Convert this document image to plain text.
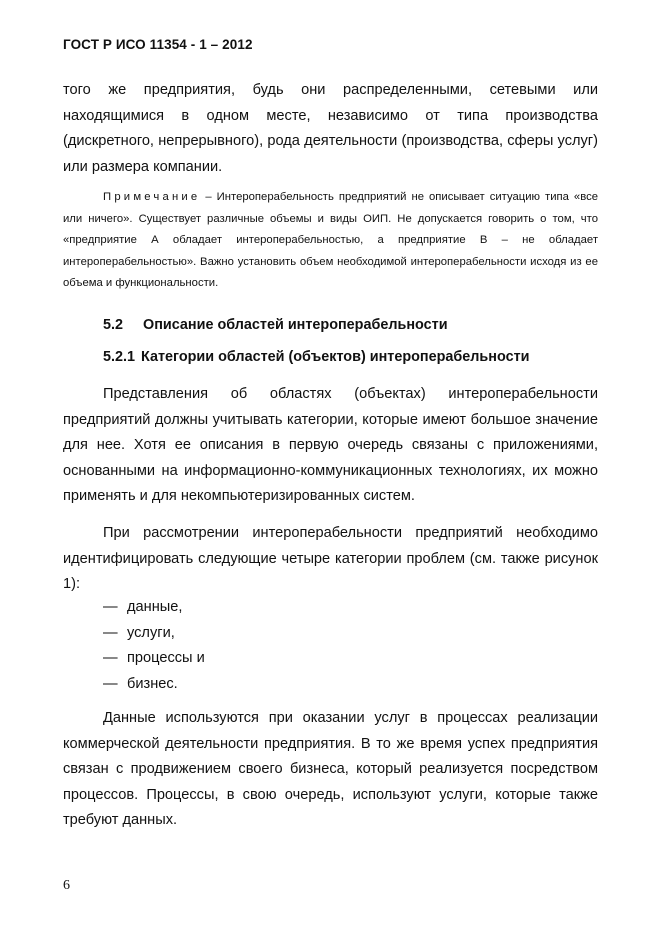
ГОСТ Р ИСО 11354 - 1 – 2012

того же предприятия, будь они распределенными, сетевыми или находящимися в одном месте, независимо от типа производства (дискретного, непрерывного), рода деятельности (производства, сферы услуг) или размера компании.

Примечание – Интероперабельность предприятий не описывает ситуацию типа «все или ничего». Существует различные объемы и виды ОИП. Не допускается говорить о том, что «предприятие А обладает интероперабельностью, а предприятие В – не обладает интероперабельностью». Важно установить объем необходимой интероперабельности исходя из ее объема и функциональности.

5.2 Описание областей интероперабельности
5.2.1 Категории областей (объектов) интероперабельности

Представления об областях (объектах) интероперабельности предприятий должны учитывать категории, которые имеют большое значение для нее. Хотя ее описания в первую очередь связаны с приложениями, основанными на информационно-коммуникационных технологиях, их можно применять и для некомпьютеризированных систем.

При рассмотрении интероперабельности предприятий необходимо идентифицировать следующие четыре категории проблем (см. также рисунок 1):

— данные,
— услуги,
— процессы и
— бизнес.

Данные используются при оказании услуг в процессах реализации коммерческой деятельности предприятия. В то же время успех предприятия связан с продвижением своего бизнеса, который реализуется посредством процессов. Процессы, в свою очередь, используют услуги, которые также требуют данных.

6
